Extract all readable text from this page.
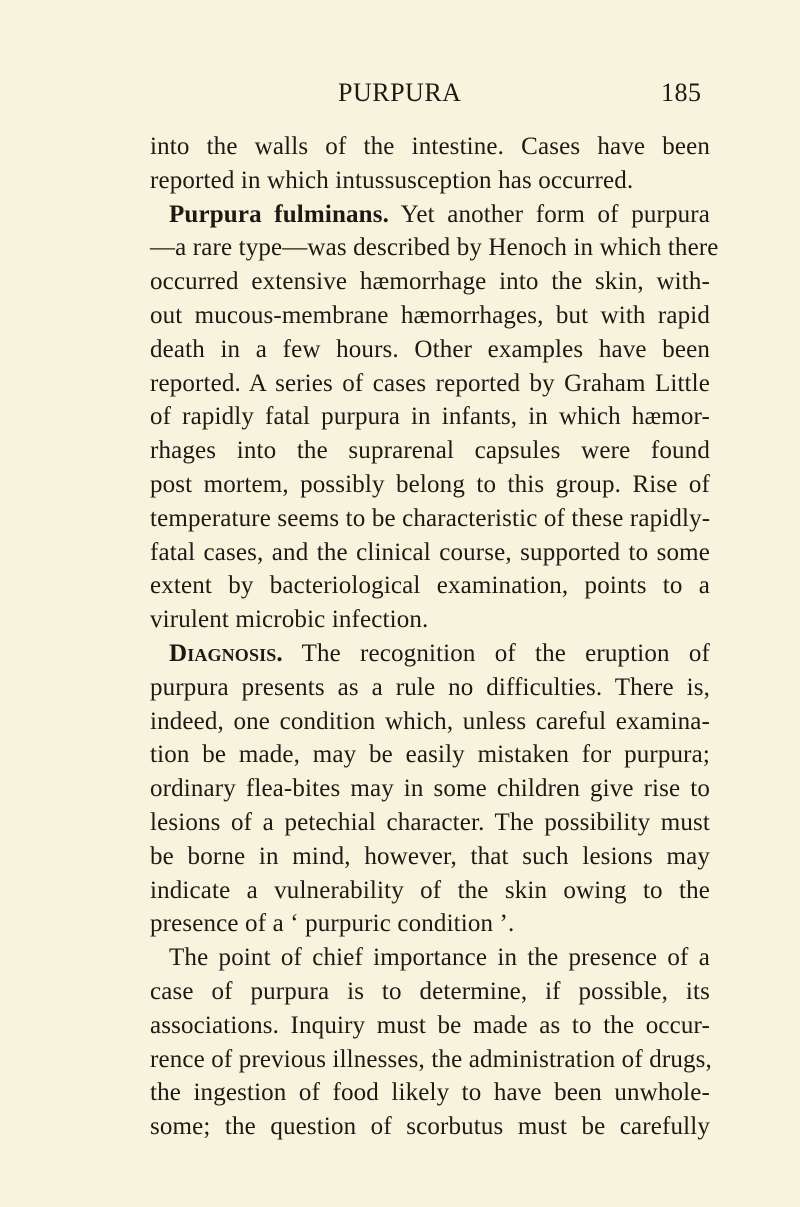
PURPURA	185
into the walls of the intestine. Cases have been
reported in which intussusception has occurred.
Purpura fulminans. Yet another form of purpura
—a rare type—was described by Henoch in which there
occurred extensive hæmorrhage into the skin, with-
out mucous-membrane hæmorrhages, but with rapid
death in a few hours. Other examples have been
reported. A series of cases reported by Graham Little
of rapidly fatal purpura in infants, in which hæmor-
rhages into the suprarenal capsules were found
post mortem, possibly belong to this group. Rise of
temperature seems to be characteristic of these rapidly-
fatal cases, and the clinical course, supported to some
extent by bacteriological examination, points to a
virulent microbic infection.
Diagnosis. The recognition of the eruption of
purpura presents as a rule no difficulties. There is,
indeed, one condition which, unless careful examina-
tion be made, may be easily mistaken for purpura;
ordinary flea-bites may in some children give rise to
lesions of a petechial character. The possibility must
be borne in mind, however, that such lesions may
indicate a vulnerability of the skin owing to the
presence of a ‘ purpuric condition ’.
The point of chief importance in the presence of a
case of purpura is to determine, if possible, its
associations. Inquiry must be made as to the occur-
rence of previous illnesses, the administration of drugs,
the ingestion of food likely to have been unwhole-
some; the question of scorbutus must be carefully
